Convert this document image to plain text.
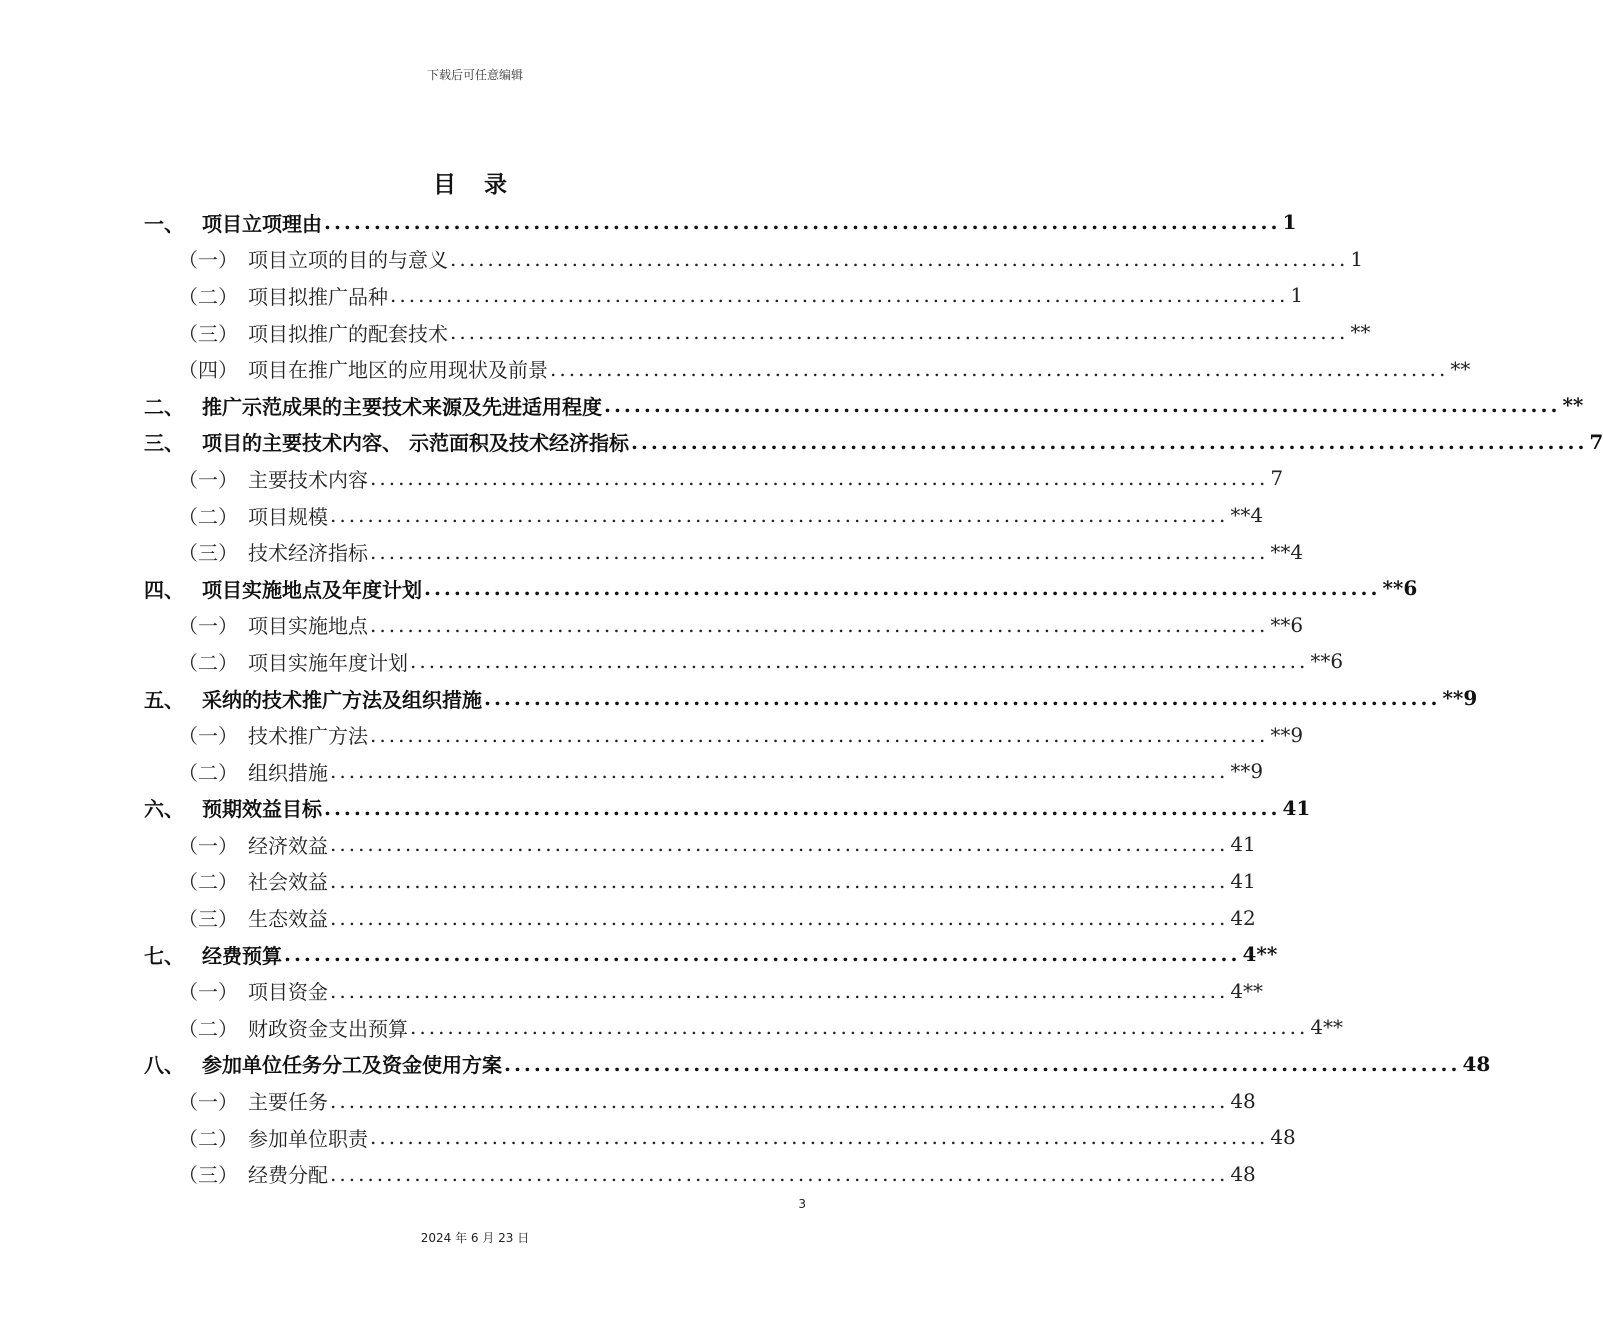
下载后可任意编辑
目 录
一、 项目立项理由 ................................................................................................ 1
（一） 项目立项的目的与意义 ................................................................................................ 1
（二） 项目拟推广品种 ................................................................................................ 1
（三） 项目拟推广的配套技术 ................................................................................................ **
（四） 项目在推广地区的应用现状及前景 ................................................................................................ **
二、 推广示范成果的主要技术来源及先进适用程度 ................................................................................................ **
三、 项目的主要技术内容、 示范面积及技术经济指标 ................................................................................................ 7
（一） 主要技术内容 ................................................................................................ 7
（二） 项目规模 ................................................................................................ **4
（三） 技术经济指标 ................................................................................................ **4
四、 项目实施地点及年度计划 ................................................................................................ **6
（一） 项目实施地点 ................................................................................................ **6
（二） 项目实施年度计划 ................................................................................................ **6
五、 采纳的技术推广方法及组织措施 ................................................................................................ **9
（一） 技术推广方法 ................................................................................................ **9
（二） 组织措施 ................................................................................................ **9
六、 预期效益目标 ................................................................................................ 41
（一） 经济效益 ................................................................................................ 41
（二） 社会效益 ................................................................................................ 41
（三） 生态效益 ................................................................................................ 42
七、 经费预算 ................................................................................................ 4**
（一） 项目资金 ................................................................................................ 4**
（二） 财政资金支出预算 ................................................................................................ 4**
八、 参加单位任务分工及资金使用方案 ................................................................................................ 48
（一） 主要任务 ................................................................................................ 48
（二） 参加单位职责 ................................................................................................ 48
（三） 经费分配 ................................................................................................ 48
3
2024 年 6 月 23 日
